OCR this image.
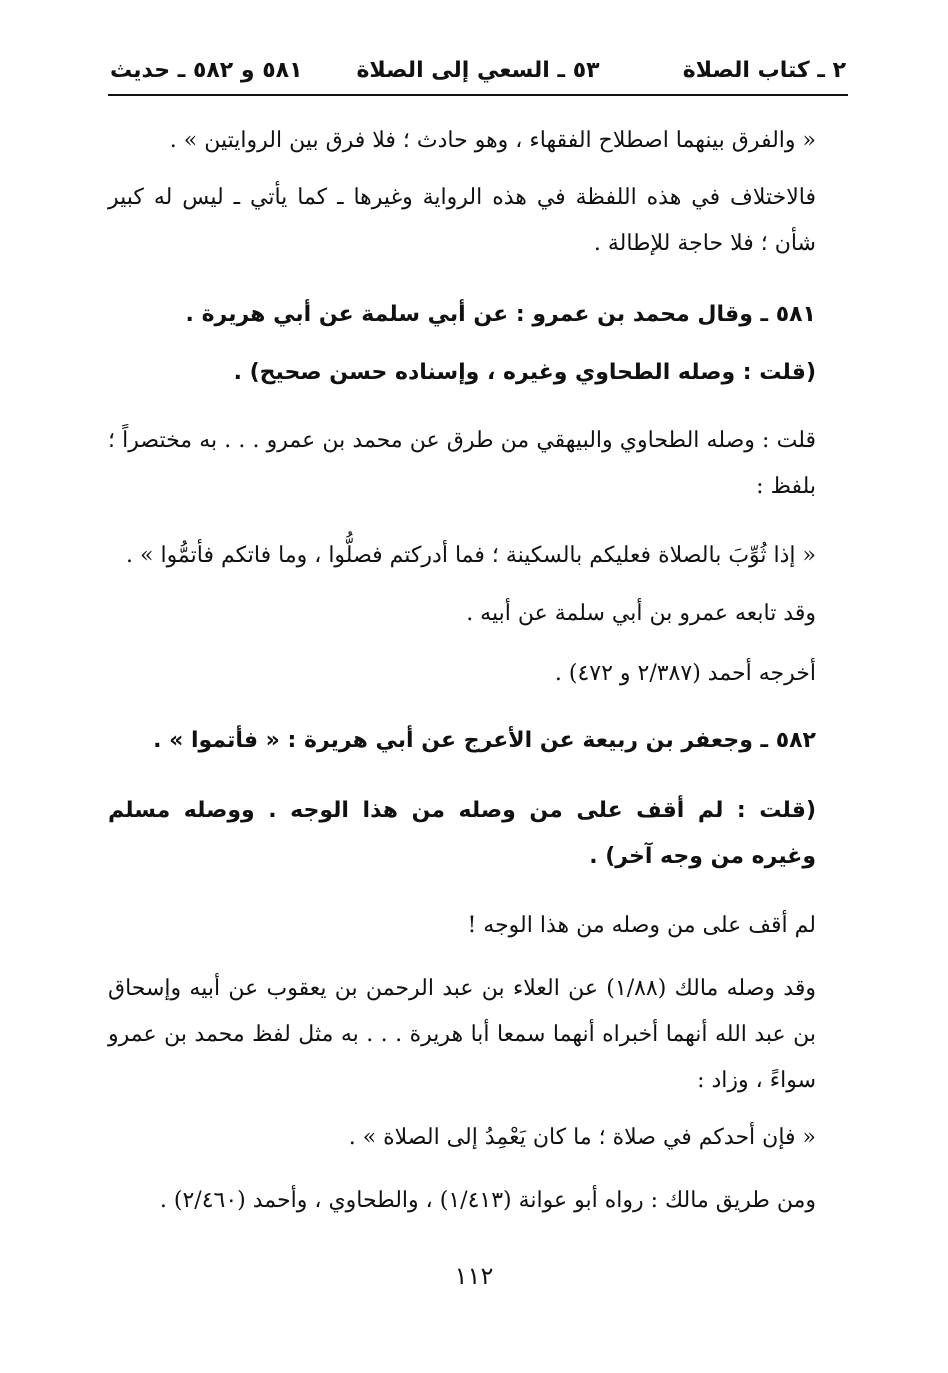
٢ ـ كتاب الصلاة
٥٣ ـ السعي إلى الصلاة
٥٨١ و ٥٨٢ ـ حديث

« والفرق بينهما اصطلاح الفقهاء ، وهو حادث ؛ فلا فرق بين الروايتين » .

فالاختلاف في هذه اللفظة في هذه الرواية وغيرها ـ كما يأتي ـ ليس له كبير شأن ؛ فلا حاجة للإطالة .

٥٨١ ـ وقال محمد بن عمرو : عن أبي سلمة عن أبي هريرة .

(قلت : وصله الطحاوي وغيره ، وإسناده حسن صحيح) .

قلت : وصله الطحاوي والبيهقي من طرق عن محمد بن عمرو . . . به مختصراً ؛ بلفظ :

« إذا ثُوِّبَ بالصلاة فعليكم بالسكينة ؛ فما أدركتم فصلُّوا ، وما فاتكم فأتمُّوا » .

وقد تابعه عمرو بن أبي سلمة عن أبيه .

أخرجه أحمد (٢/٣٨٧ و ٤٧٢) .

٥٨٢ ـ وجعفر بن ربيعة عن الأعرج عن أبي هريرة : « فأتموا » .

(قلت : لم أقف على من وصله من هذا الوجه . ووصله مسلم وغيره من وجه آخر) .

لم أقف على من وصله من هذا الوجه !

وقد وصله مالك (١/٨٨) عن العلاء بن عبد الرحمن بن يعقوب عن أبيه وإسحاق بن عبد الله أنهما أخبراه أنهما سمعا أبا هريرة . . . به مثل لفظ محمد بن عمرو سواءً ، وزاد :

« فإن أحدكم في صلاة ؛ ما كان يَعْمِدُ إلى الصلاة » .

ومن طريق مالك : رواه أبو عوانة (١/٤١٣) ، والطحاوي ، وأحمد (٢/٤٦٠) .

١١٢
